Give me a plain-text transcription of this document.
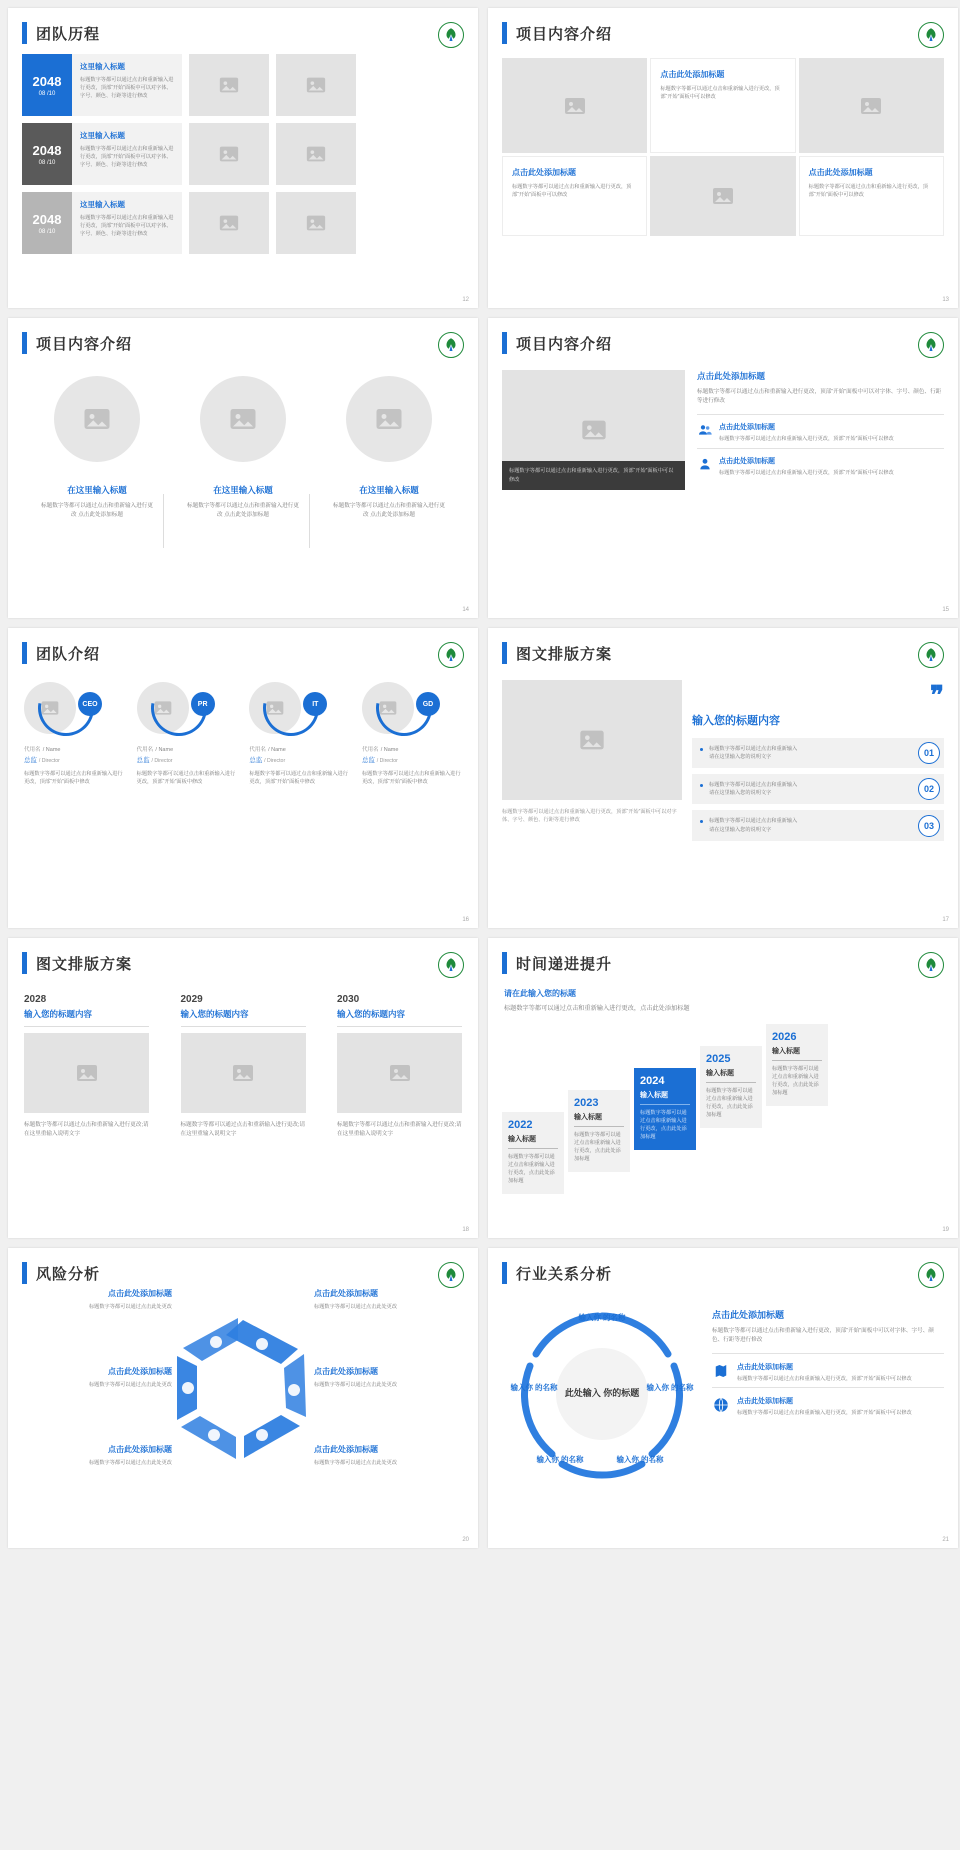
团队历程
2048
08 /10
这里输入标题
标题数字等都可以通过点击和重新输入进行更改，顶部“开始”面板中可以对字体、字号、颜色、行距等进行修改
2048
08 /10
这里输入标题
标题数字等都可以通过点击和重新输入进行更改，顶部“开始”面板中可以对字体、字号、颜色、行距等进行修改
2048
08 /10
这里输入标题
标题数字等都可以通过点击和重新输入进行更改，顶部“开始”面板中可以对字体、字号、颜色、行距等进行修改
12
项目内容介绍
点击此处添加标题
标题数字等都可以通过点击和重新输入进行更改，顶部“开始”面板中可以修改
点击此处添加标题
标题数字等都可以通过点击和重新输入进行更改，顶部“开始”面板中可以修改
点击此处添加标题
标题数字等都可以通过点击和重新输入进行更改，顶部“开始”面板中可以修改
13
项目内容介绍
在这里输入标题
标题数字等都可以通过点击和重新输入进行更改 点击此处添加标题
在这里输入标题
标题数字等都可以通过点击和重新输入进行更改 点击此处添加标题
在这里输入标题
标题数字等都可以通过点击和重新输入进行更改 点击此处添加标题
14
项目内容介绍
标题数字等都可以通过点击和重新输入进行更改，顶部“开始”面板中可以修改
点击此处添加标题
标题数字等都可以通过点击和重新输入进行更改，顶部“开始”面板中可以对字体、字号、颜色、行距等进行修改
点击此处添加标题
标题数字等都可以通过点击和重新输入进行更改，顶部“开始”面板中可以修改
点击此处添加标题
标题数字等都可以通过点击和重新输入进行更改，顶部“开始”面板中可以修改
15
团队介绍
CEO
代用名 / Name
总监 / Director
标题数字等都可以通过点击和重新输入进行更改，顶部“开始”面板中修改
PR
代用名 / Name
总监 / Director
标题数字等都可以通过点击和重新输入进行更改，顶部“开始”面板中修改
IT
代用名 / Name
总监 / Director
标题数字等都可以通过点击和重新输入进行更改，顶部“开始”面板中修改
GD
代用名 / Name
总监 / Director
标题数字等都可以通过点击和重新输入进行更改，顶部“开始”面板中修改
16
图文排版方案
标题数字等都可以通过点击和重新输入进行更改，顶部“开始”面板中可以对字体、字号、颜色、行距等进行修改
❞
输入您的标题内容
标题数字等都可以通过点击和重新输入
请在这里输入您的说明文字	01
标题数字等都可以通过点击和重新输入
请在这里输入您的说明文字	02
标题数字等都可以通过点击和重新输入
请在这里输入您的说明文字	03
17
图文排版方案
2028
输入您的标题内容
标题数字等都可以通过点击和重新输入进行更改;请在这里重输入说明文字
2029
输入您的标题内容
标题数字等都可以通过点击和重新输入进行更改;请在这里重输入说明文字
2030
输入您的标题内容
标题数字等都可以通过点击和重新输入进行更改;请在这里重输入说明文字
18
时间递进提升
请在此输入您的标题
标题数字等都可以通过点击和重新输入进行更改，点击此处添加标题
2022
输入标题
标题数字等都可以通过点击和重新输入进行更改，点击此处添加标题
2023
输入标题
标题数字等都可以通过点击和重新输入进行更改，点击此处添加标题
2024
输入标题
标题数字等都可以通过点击和重新输入进行更改，点击此处添加标题
2025
输入标题
标题数字等都可以通过点击和重新输入进行更改，点击此处添加标题
2026
输入标题
标题数字等都可以通过点击和重新输入进行更改，点击此处添加标题
19
风险分析
点击此处添加标题
标题数字等都可以通过点击此处更改
点击此处添加标题
标题数字等都可以通过点击此处更改
点击此处添加标题
标题数字等都可以通过点击此处更改
点击此处添加标题
标题数字等都可以通过点击此处更改
点击此处添加标题
标题数字等都可以通过点击此处更改
点击此处添加标题
标题数字等都可以通过点击此处更改
20
行业关系分析
此处输入 你的标题
输入你 的名称
输入你 的名称
输入你 的名称
输入你 的名称
输入你 的名称
点击此处添加标题
标题数字等都可以通过点击和重新输入进行更改，顶部“开始”面板中可以对字体、字号、颜色、行距等进行修改
点击此处添加标题
标题数字等都可以通过点击和重新输入进行更改，顶部“开始”面板中可以修改
点击此处添加标题
标题数字等都可以通过点击和重新输入进行更改，顶部“开始”面板中可以修改
21
